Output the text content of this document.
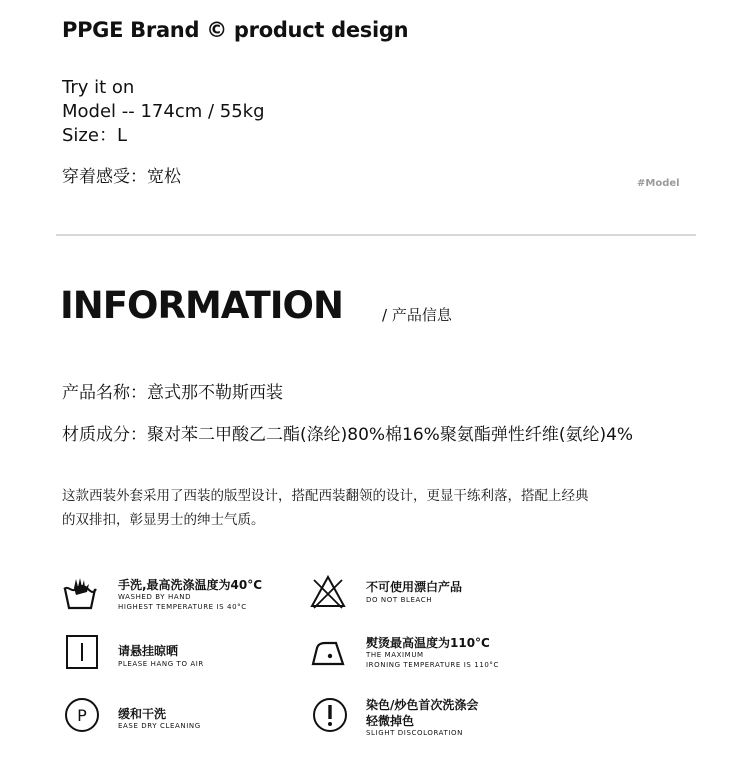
PPGE Brand © product design
Try it on
Model -- 174cm / 55kg
Size：L
穿着感受：宽松	#Model
INFORMATION	/ 产品信息
产品名称：意式那不勒斯西装
材质成分：聚对苯二甲酸乙二酯(涤纶)80%棉16%聚氨酯弹性纤维(氨纶)4%
这款西装外套采用了西装的版型设计，搭配西装翻领的设计，更显干练利落，搭配上经典
的双排扣，彰显男士的绅士气质。
手洗,最高洗涤温度为40°C
WASHED BY HAND
HIGHEST TEMPERATURE IS 40°C
不可使用漂白产品
DO NOT BLEACH
请悬挂晾晒
PLEASE HANG TO AIR
熨烫最高温度为110°C
THE MAXIMUM
IRONING TEMPERATURE IS 110°C
P	缓和干洗
EASE DRY CLEANING
染色/炒色首次洗涤会
轻微掉色
SLIGHT DISCOLORATION
